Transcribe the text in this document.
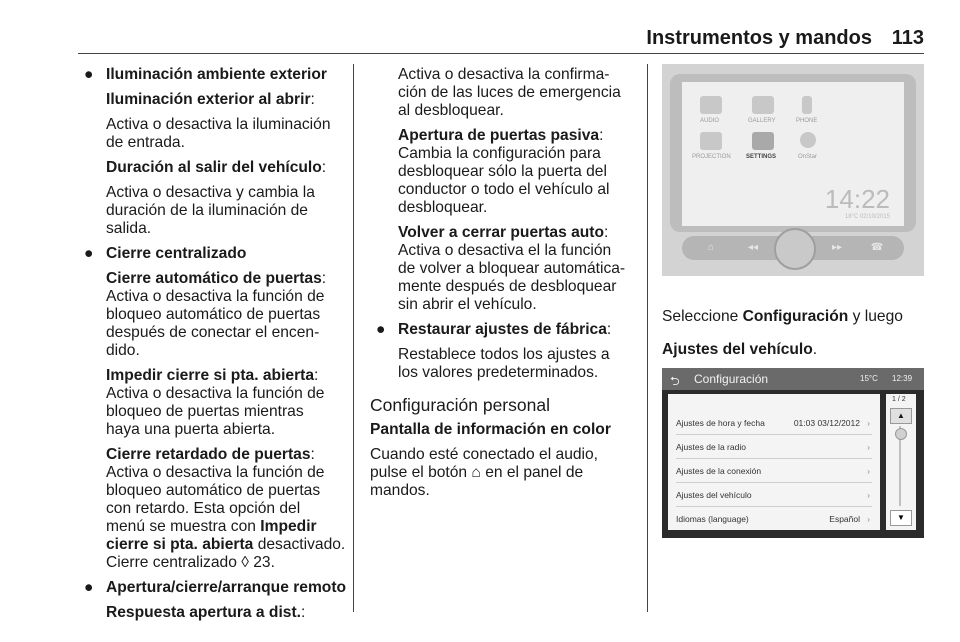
Instrumentos y mandos 113
● Iluminación ambiente exterior

Iluminación exterior al abrir:

Activa o desactiva la iluminación

de entrada.

Duración al salir del vehículo:

Activa o desactiva y cambia la

duración de la iluminación de

salida.

● Cierre centralizado

Cierre automático de puertas:

Activa o desactiva la función de

bloqueo automático de puertas

después de conectar el encen-

dido.

Impedir cierre si pta. abierta:

Activa o desactiva la función de

bloqueo de puertas mientras

haya una puerta abierta.

Cierre retardado de puertas:

Activa o desactiva la función de

bloqueo automático de puertas

con retardo. Esta opción del

menú se muestra con Impedir

cierre si pta. abierta desactivado.

Cierre centralizado ◊ 23.

● Apertura/cierre/arranque remoto

Respuesta apertura a dist.:

Activa o desactiva la confirma-

ción de las luces de emergencia

al desbloquear.

Apertura de puertas pasiva:

Cambia la configuración para

desbloquear sólo la puerta del

conductor o todo el vehículo al

desbloquear.

Volver a cerrar puertas auto:

Activa o desactiva el la función

de volver a bloquear automática-

mente después de desbloquear

sin abrir el vehículo.

● Restaurar ajustes de fábrica:

Restablece todos los ajustes a

los valores predeterminados.

Configuración personal

Pantalla de información en color

Cuando esté conectado el audio,

pulse el botón ⌂ en el panel de

mandos.

AUDIO	GALLERY	PHONE
PROJECTION	SETTINGS	OnStar
14:22
18°C 02/10/2015
⌂	◂◂	▸▸	☎

Seleccione Configuración y luego

Ajustes del vehículo.

⮌ Configuración	15°C 12:39
Ajustes de hora y fecha	01:03 03/12/2012 ›
Ajustes de la radio	›
Ajustes de la conexión	›
Ajustes del vehículo	›
Idiomas (language)	Español ›
1 / 2
▲
▼
